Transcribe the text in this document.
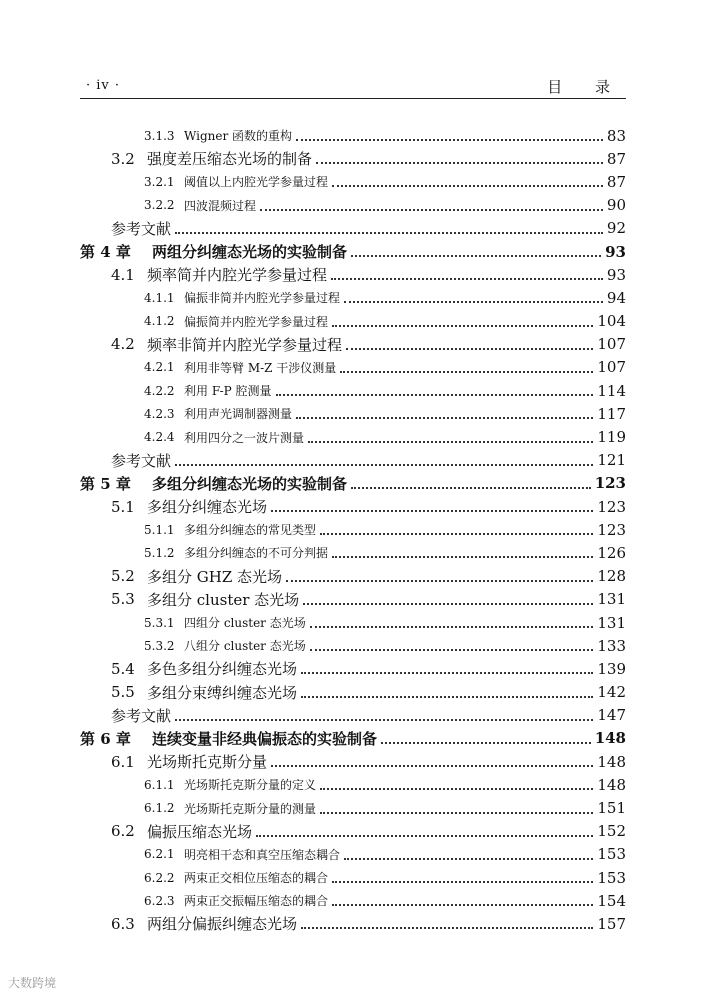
· iv ·	目 录
3.1.3 Wigner 函数的重构	83
3.2 强度差压缩态光场的制备	87
3.2.1 阈值以上内腔光学参量过程	87
3.2.2 四波混频过程	90
参考文献	92
第 4 章	两组分纠缠态光场的实验制备	93
4.1 频率简并内腔光学参量过程	93
4.1.1 偏振非简并内腔光学参量过程	94
4.1.2 偏振简并内腔光学参量过程	104
4.2 频率非简并内腔光学参量过程	107
4.2.1 利用非等臂 M-Z 干涉仪测量	107
4.2.2 利用 F-P 腔测量	114
4.2.3 利用声光调制器测量	117
4.2.4 利用四分之一波片测量	119
参考文献	121
第 5 章	多组分纠缠态光场的实验制备	123
5.1 多组分纠缠态光场	123
5.1.1 多组分纠缠态的常见类型	123
5.1.2 多组分纠缠态的不可分判据	126
5.2 多组分 GHZ 态光场	128
5.3 多组分 cluster 态光场	131
5.3.1 四组分 cluster 态光场	131
5.3.2 八组分 cluster 态光场	133
5.4 多色多组分纠缠态光场	139
5.5 多组分束缚纠缠态光场	142
参考文献	147
第 6 章	连续变量非经典偏振态的实验制备	148
6.1 光场斯托克斯分量	148
6.1.1 光场斯托克斯分量的定义	148
6.1.2 光场斯托克斯分量的测量	151
6.2 偏振压缩态光场	152
6.2.1 明亮相干态和真空压缩态耦合	153
6.2.2 两束正交相位压缩态的耦合	153
6.2.3 两束正交振幅压缩态的耦合	154
6.3 两组分偏振纠缠态光场	157
大数跨境
